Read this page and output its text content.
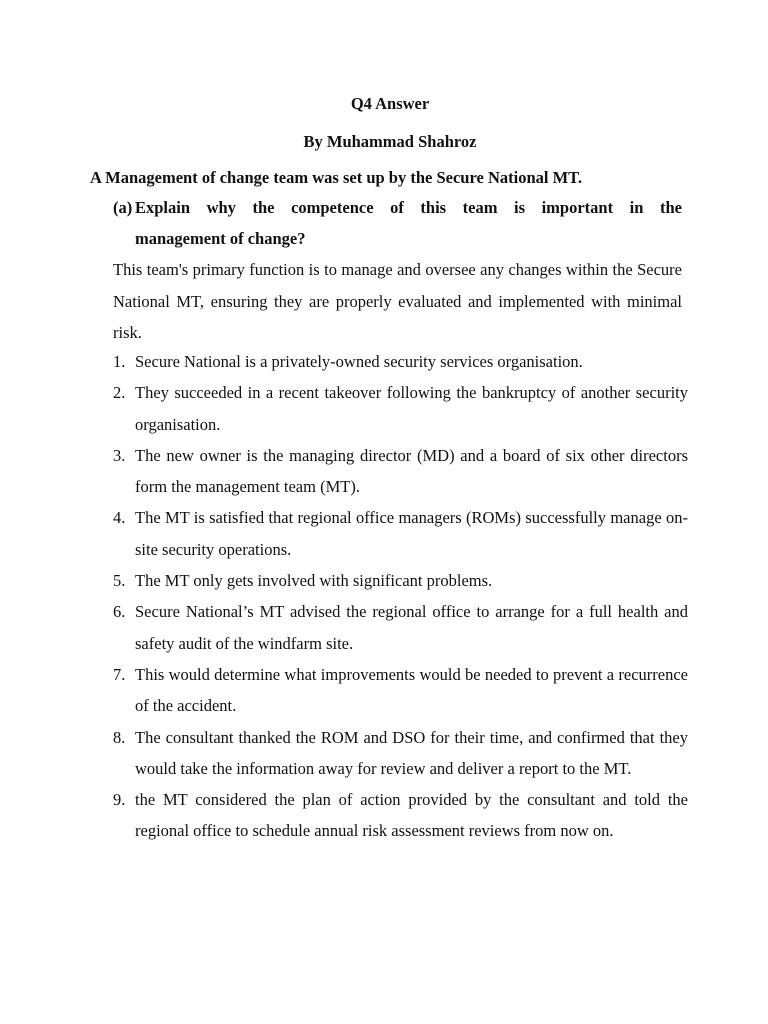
Q4 Answer
By Muhammad Shahroz
A Management of change team was set up by the Secure National MT.
(a) Explain why the competence of this team is important in the
management of change?
This team's primary function is to manage and oversee any changes within the Secure National MT, ensuring they are properly evaluated and implemented with minimal risk.
1. Secure National is a privately-owned security services organisation.
2. They succeeded in a recent takeover following the bankruptcy of another security organisation.
3. The new owner is the managing director (MD) and a board of six other directors form the management team (MT).
4. The MT is satisfied that regional office managers (ROMs) successfully manage on-site security operations.
5. The MT only gets involved with significant problems.
6. Secure National’s MT advised the regional office to arrange for a full health and safety audit of the windfarm site.
7. This would determine what improvements would be needed to prevent a recurrence of the accident.
8. The consultant thanked the ROM and DSO for their time, and confirmed that they would take the information away for review and deliver a report to the MT.
9. the MT considered the plan of action provided by the consultant and told the regional office to schedule annual risk assessment reviews from now on.
